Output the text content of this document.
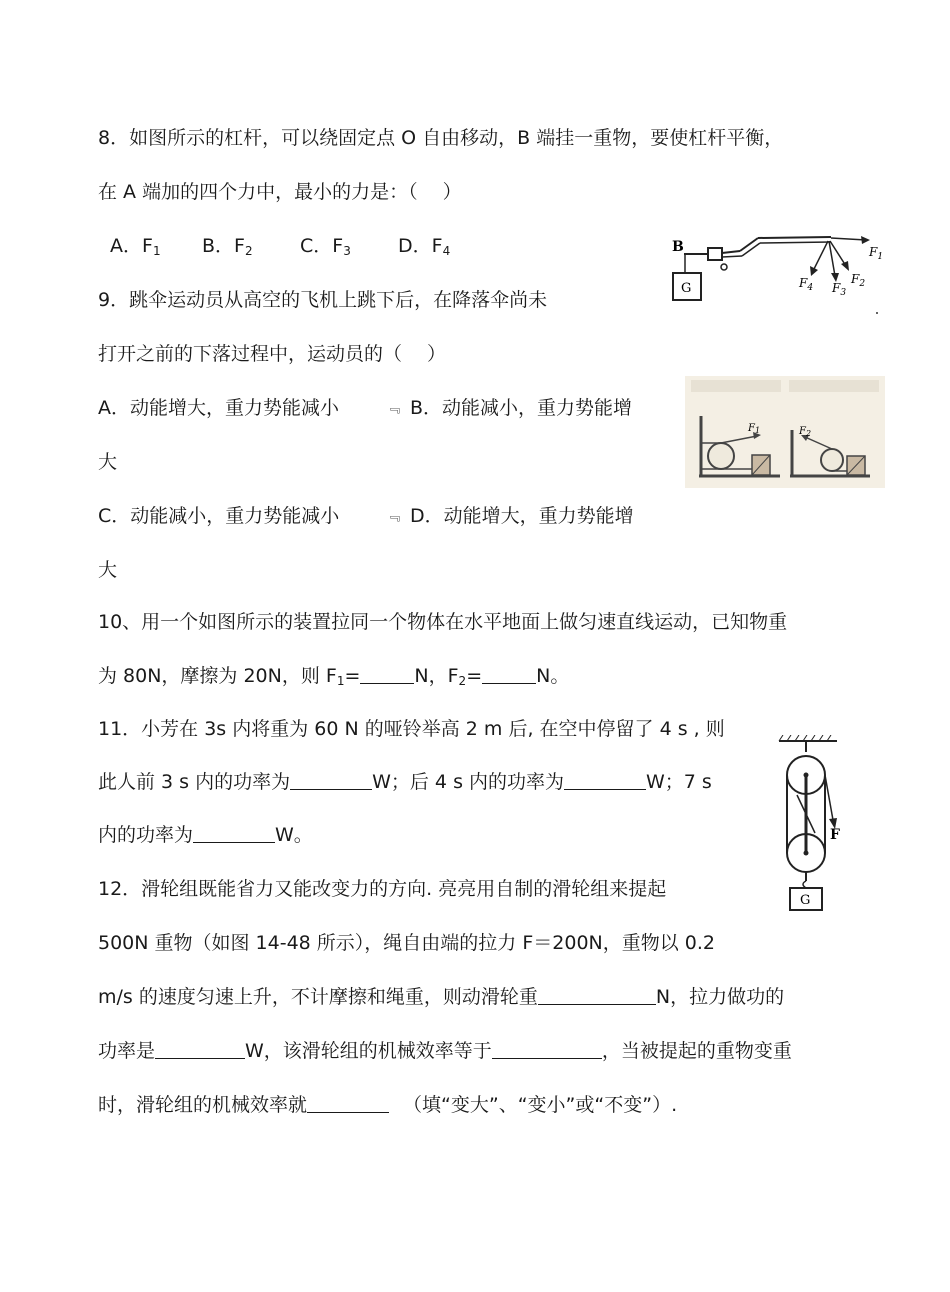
8．如图所示的杠杆，可以绕固定点 O 自由移动，B 端挂一重物，要使杠杆平衡，
在 A 端加的四个力中，最小的力是：（　 ）
A．$F_1$ B．$F_2$ C．$F_3$ D．$F_4$	B
G
$F_1$
$F_2$
$F_3$
$F_4$
9．跳伞运动员从高空的飞机上跳下后，在降落伞尚未
打开之前的下落过程中，运动员的（　 ）
A．动能增大，重力势能减小	﹃ B．动能减小，重力势能增
大
C．动能减小，重力势能减小	﹃ D．动能增大，重力势能增
大
$F_1$	$F_2$
10、用一个如图所示的装置拉同一个物体在水平地面上做匀速直线运动，已知物重
为 80N，摩擦为 20N，则 $F_1=$	N，$F_2=$	N。
11．小芳在 3s 内将重为 60 N 的哑铃举高 2 m 后, 在空中停留了 4 s , 则
此人前 3 s 内的功率为	W；后 4 s 内的功率为	W；7 s
内的功率为	W。	F
G
12．滑轮组既能省力又能改变力的方向. 亮亮用自制的滑轮组来提起
500N 重物（如图 14-48 所示），绳自由端的拉力 F＝200N，重物以 0.2
m/s 的速度匀速上升，不计摩擦和绳重，则动滑轮重	N，拉力做功的
功率是	W，该滑轮组的机械效率等于	，当被提起的重物变重
时，滑轮组的机械效率就	（填“变大”、“变小”或“不变”）.
